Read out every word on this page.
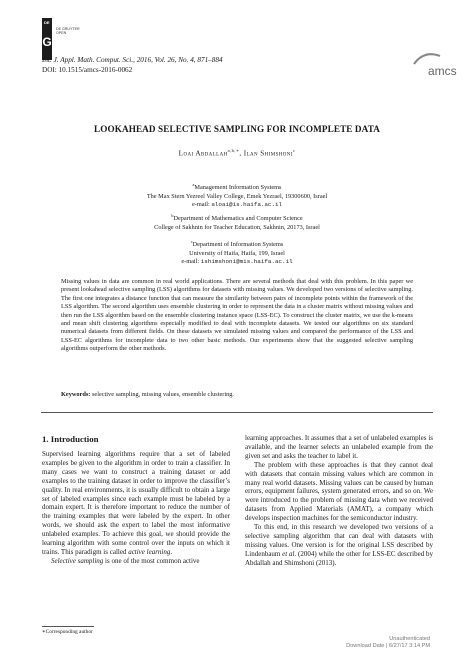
DE
G
DE GRUYTER
OPEN
Int. J. Appl. Math. Comput. Sci., 2016, Vol. 26, No. 4, 871–884
DOI: 10.1515/amcs-2016-0062	amcs
LOOKAHEAD SELECTIVE SAMPLING FOR INCOMPLETE DATA
Loai Abdallah$^{a,b,∗}$, Ilan Shimshoni$^c$
$^a$Management Information Systems
The Max Stern Yezreel Valley College, Emek Yezrael, 19300600, Israel
e-mail: aloai@is.haifa.ac.il
$^b$Department of Mathematics and Computer Science
College of Sakhnin for Teacher Education, Sakhnin, 20173, Israel
$^c$Department of Information Systems
University of Haifa, Haifa, 199, Israel
e-mail: ishimshoni@mis.haifa.ac.il
Missing values in data are common in real world applications. There are several methods that deal with this problem. In this paper we present lookahead selective sampling (LSS) algorithms for datasets with missing values. We developed two versions of selective sampling. The first one integrates a distance function that can measure the similarity between pairs of incomplete points within the framework of the LSS algorithm. The second algorithm uses ensemble clustering in order to represent the data in a cluster matrix without missing values and then run the LSS algorithm based on the ensemble clustering instance space (LSS-EC). To construct the cluster matrix, we use the k-means and mean shift clustering algorithms especially modified to deal with incomplete datasets. We tested our algorithms on six standard numerical datasets from different fields. On these datasets we simulated missing values and compared the performance of the LSS and LSS-EC algorithms for incomplete data to two other basic methods. Our experiments show that the suggested selective sampling algorithms outperform the other methods.
Keywords: selective sampling, missing values, ensemble clustering.
1. Introduction

Supervised learning algorithms require that a set of labeled examples be given to the algorithm in order to train a classifier. In many cases we want to construct a training dataset or add examples to the training dataset in order to improve the classifier’s quality. In real environments, it is usually difficult to obtain a large set of labeled examples since each example must be labeled by a domain expert. It is therefore important to reduce the number of the training examples that were labeled by the expert. In other words, we should ask the expert to label the most informative unlabeled examples. To achieve this goal, we should provide the learning algorithm with some control over the inputs on which it trains. This paradigm is called active learning.

Selective sampling is one of the most common active

learning approaches. It assumes that a set of unlabeled examples is available, and the learner selects an unlabeled example from the given set and asks the teacher to label it.

The problem with these approaches is that they cannot deal with datasets that contain missing values which are common in many real world datasets. Missing values can be caused by human errors, equipment failures, system generated errors, and so on. We were introduced to the problem of missing data when we received datasets from Applied Materials (AMAT), a company which develops inspection machines for the semiconductor industry.

To this end, in this research we developed two versions of a selective sampling algorithm that can deal with datasets with missing values. One version is for the original LSS described by Lindenbaum et al. (2004) while the other for LSS-EC described by Abdallah and Shimshoni (2013).

∗Corresponding author
Unauthenticated
Download Date | 6/27/17 3:14 PM
